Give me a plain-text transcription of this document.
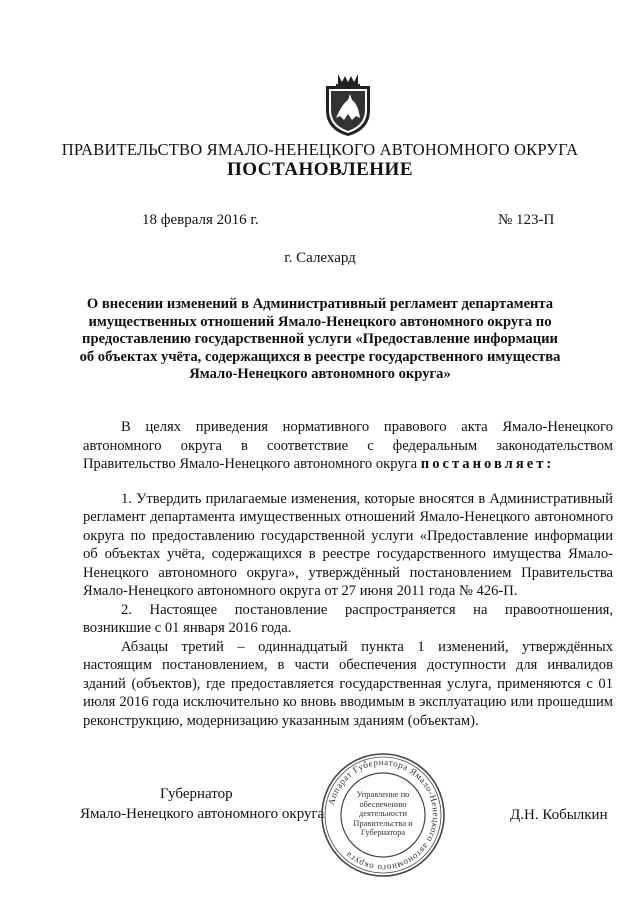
ПРАВИТЕЛЬСТВО ЯМАЛО-НЕНЕЦКОГО АВТОНОМНОГО ОКРУГА
ПОСТАНОВЛЕНИЕ
18 февраля 2016 г.	№ 123-П
г. Салехард
О внесении изменений в Административный регламент департамента
имущественных отношений Ямало-Ненецкого автономного округа по
предоставлению государственной услуги «Предоставление информации
об объектах учёта, содержащихся в реестре государственного имущества
Ямало-Ненецкого автономного округа»

В целях приведения нормативного правового акта Ямало-Ненецкого автономного округа в соответствие с федеральным законодательством Правительство Ямало-Ненецкого автономного округа постановляет:

1. Утвердить прилагаемые изменения, которые вносятся в Административный регламент департамента имущественных отношений Ямало-Ненецкого автономного округа по предоставлению государственной услуги «Предоставление информации об объектах учёта, содержащихся в реестре государственного имущества Ямало-Ненецкого автономного округа», утверждённый постановлением Правительства Ямало-Ненецкого автономного округа от 27 июня 2011 года № 426-П.

2. Настоящее постановление распространяется на правоотношения, возникшие с 01 января 2016 года.

Абзацы третий – одиннадцатый пункта 1 изменений, утверждённых настоящим постановлением, в части обеспечения доступности для инвалидов зданий (объектов), где предоставляется государственная услуга, применяются с 01 июля 2016 года исключительно ко вновь вводимым в эксплуатацию или прошедшим реконструкцию, модернизацию указанным зданиям (объектам).

Губернатор
Ямало-Ненецкого автономного округа	Д.Н. Кобылкин
Аппарат Губернатора Ямало-Ненецкого автономного округа
Управление по обеспечению деятельности Правительства и Губернатора
